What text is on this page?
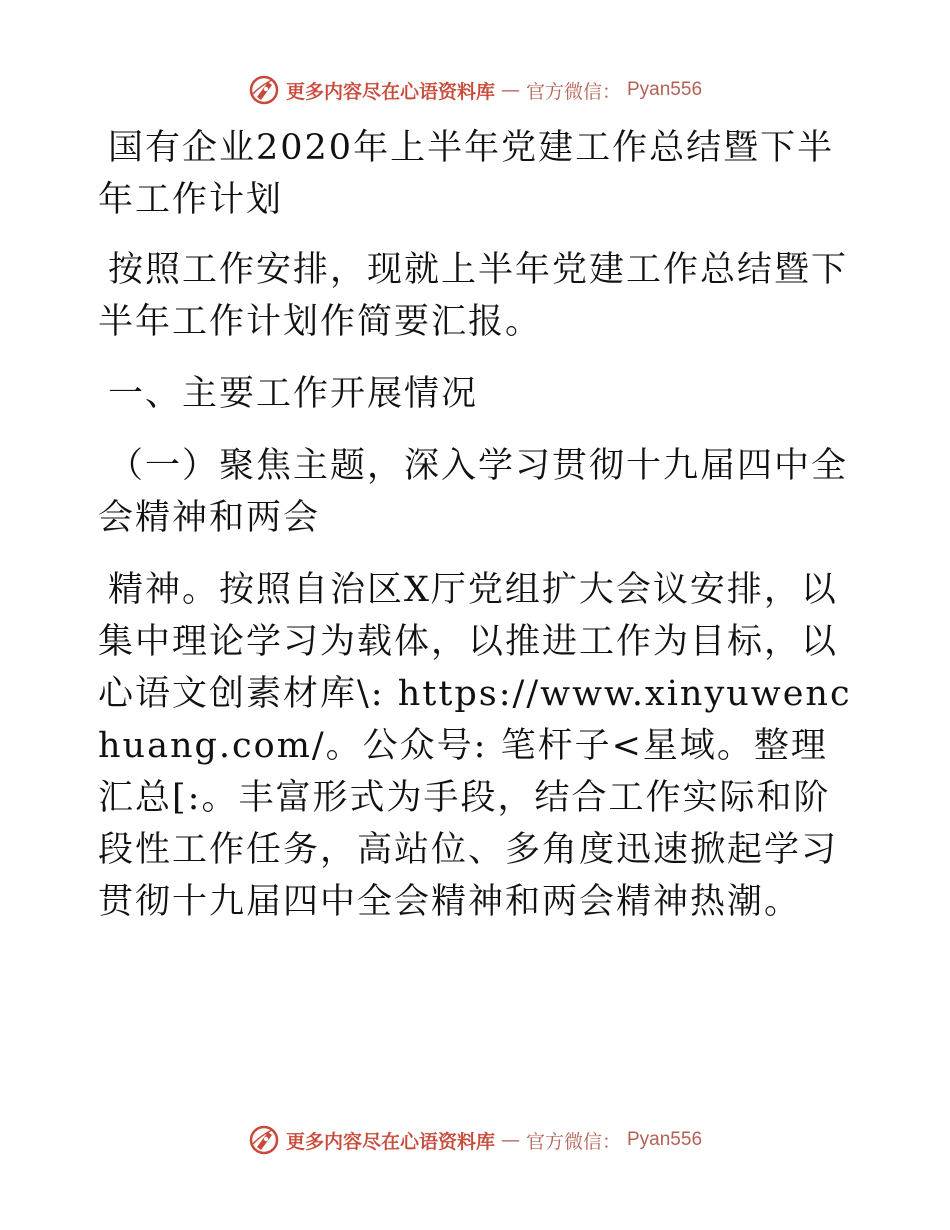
更多内容尽在心语资料库 — 官方微信： Pyan556

国有企业2020年上半年党建工作总结暨下半年工作计划

按照工作安排，现就上半年党建工作总结暨下半年工作计划作简要汇报。

一、主要工作开展情况

（一）聚焦主题，深入学习贯彻十九届四中全会精神和两会

精神。按照自治区X厅党组扩大会议安排，以集中理论学习为载体，以推进工作为目标，以心语文创素材库\: https://www.xinyuwenchuang.com/。公众号: 笔杆子<星域。整理汇总[:。丰富形式为手段，结合工作实际和阶段性工作任务，高站位、多角度迅速掀起学习贯彻十九届四中全会精神和两会精神热潮。

更多内容尽在心语资料库 — 官方微信： Pyan556
